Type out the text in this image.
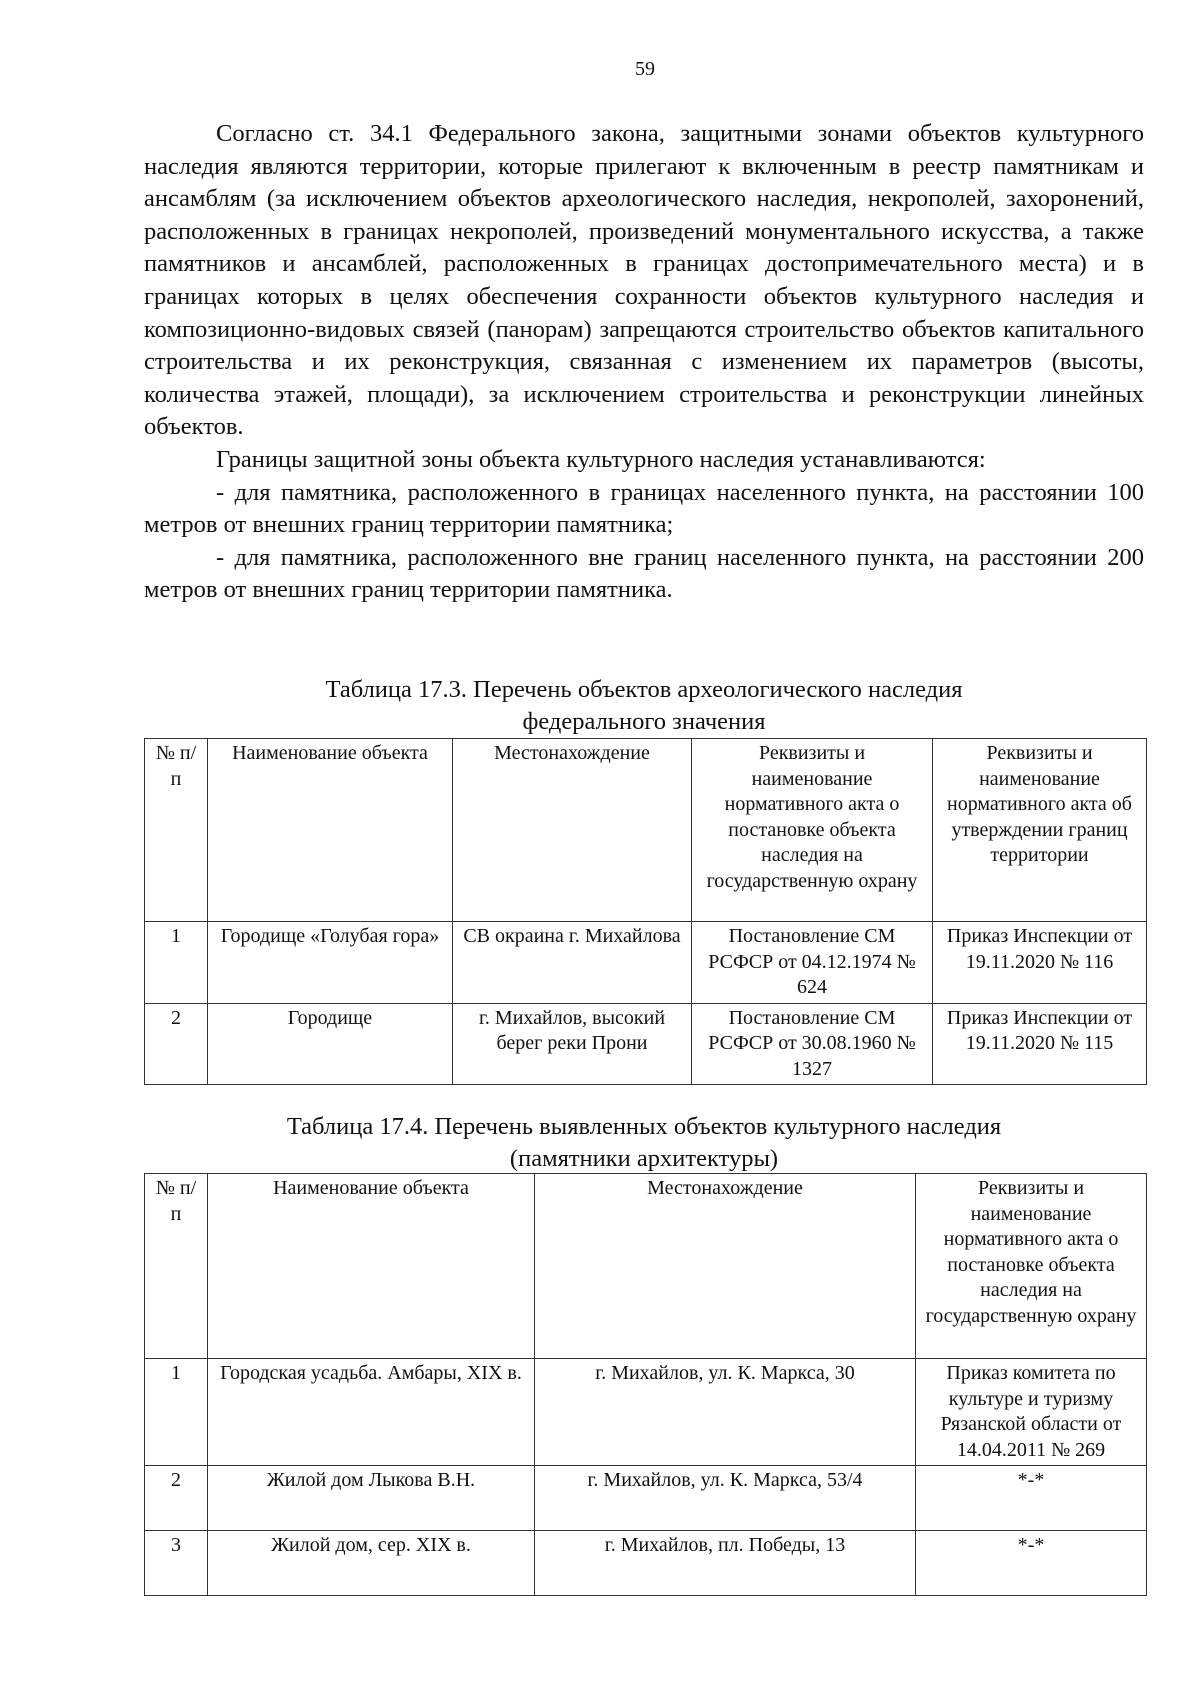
59

Согласно ст. 34.1 Федерального закона, защитными зонами объектов культурного наследия являются территории, которые прилегают к включенным в реестр памятникам и ансамблям (за исключением объектов археологического наследия, некрополей, захоронений, расположенных в границах некрополей, произведений монументального искусства, а также памятников и ансамблей, расположенных в границах достопримечательного места) и в границах которых в целях обеспечения сохранности объектов культурного наследия и композиционно-видовых связей (панорам) запрещаются строительство объектов капитального строительства и их реконструкция, связанная с изменением их параметров (высоты, количества этажей, площади), за исключением строительства и реконструкции линейных объектов.

Границы защитной зоны объекта культурного наследия устанавливаются:

- для памятника, расположенного в границах населенного пункта, на расстоянии 100 метров от внешних границ территории памятника;

- для памятника, расположенного вне границ населенного пункта, на расстоянии 200 метров от внешних границ территории памятника.

Таблица 17.3. Перечень объектов археологического наследия
федерального значения
№ п/п	Наименование объекта	Местонахождение	Реквизиты и наименование нормативного акта о постановке объекта наследия на государственную охрану	Реквизиты и наименование нормативного акта об утверждении границ территории
1	Городище «Голубая гора»	СВ окраина г. Михайлова	Постановление СМ РСФСР от 04.12.1974 № 624	Приказ Инспекции от 19.11.2020 № 116
2	Городище	г. Михайлов, высокий берег реки Прони	Постановление СМ РСФСР от 30.08.1960 № 1327	Приказ Инспекции от 19.11.2020 № 115
Таблица 17.4. Перечень выявленных объектов культурного наследия
(памятники архитектуры)
№ п/п	Наименование объекта	Местонахождение	Реквизиты и наименование нормативного акта о постановке объекта наследия на государственную охрану
1	Городская усадьба. Амбары, XIX в.	г. Михайлов, ул. К. Маркса, 30	Приказ комитета по культуре и туризму Рязанской области от 14.04.2011 № 269
2	Жилой дом Лыкова В.Н.	г. Михайлов, ул. К. Маркса, 53/4	*-*
3	Жилой дом, сер. XIX в.	г. Михайлов, пл. Победы, 13	*-*
